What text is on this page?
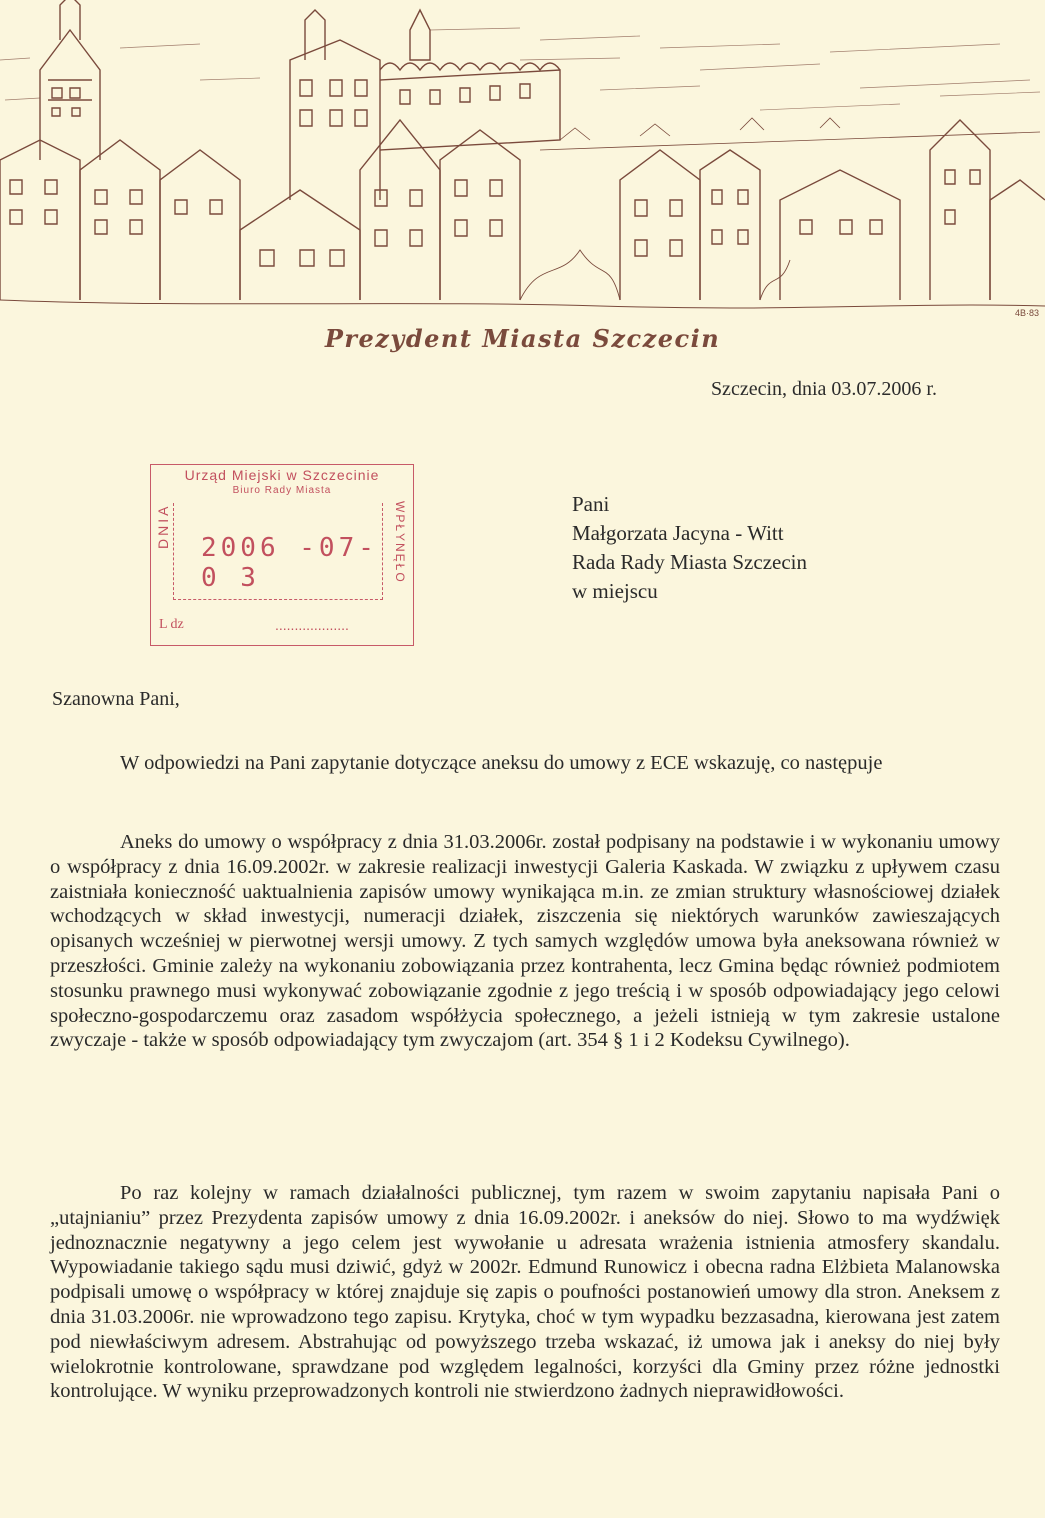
4B·83
Prezydent Miasta Szczecin
Szczecin, dnia 03.07.2006 r.
Urząd Miejski w Szczecinie
Biuro Rady Miasta
DNIA	WPŁYNĘŁO
2006 -07- 0 3
L dz	...................
Pani
Małgorzata Jacyna - Witt
Rada Rady Miasta Szczecin
w miejscu
Szanowna Pani,
W odpowiedzi na Pani zapytanie dotyczące aneksu do umowy z ECE wskazuję, co następuje
Aneks do umowy o współpracy z dnia 31.03.2006r. został podpisany na podstawie i w wykonaniu umowy o współpracy z dnia 16.09.2002r. w zakresie realizacji inwestycji Galeria Kaskada. W związku z upływem czasu zaistniała konieczność uaktualnienia zapisów umowy wynikająca m.in. ze zmian struktury własnościowej działek wchodzących w skład inwestycji, numeracji działek, ziszczenia się niektórych warunków zawieszających opisanych wcześniej w pierwotnej wersji umowy. Z tych samych względów umowa była aneksowana również w przeszłości. Gminie zależy na wykonaniu zobowiązania przez kontrahenta, lecz Gmina będąc również podmiotem stosunku prawnego musi wykonywać zobowiązanie zgodnie z jego treścią i w sposób odpowiadający jego celowi społeczno-gospodarczemu oraz zasadom współżycia społecznego, a jeżeli istnieją w tym zakresie ustalone zwyczaje - także w sposób odpowiadający tym zwyczajom (art. 354 § 1 i 2 Kodeksu Cywilnego).
Po raz kolejny w ramach działalności publicznej, tym razem w swoim zapytaniu napisała Pani o „utajnianiu” przez Prezydenta zapisów umowy z dnia 16.09.2002r. i aneksów do niej. Słowo to ma wydźwięk jednoznacznie negatywny a jego celem jest wywołanie u adresata wrażenia istnienia atmosfery skandalu. Wypowiadanie takiego sądu musi dziwić, gdyż w 2002r. Edmund Runowicz i obecna radna Elżbieta Malanowska podpisali umowę o współpracy w której znajduje się zapis o poufności postanowień umowy dla stron. Aneksem z dnia 31.03.2006r. nie wprowadzono tego zapisu. Krytyka, choć w tym wypadku bezzasadna, kierowana jest zatem pod niewłaściwym adresem. Abstrahując od powyższego trzeba wskazać, iż umowa jak i aneksy do niej były wielokrotnie kontrolowane, sprawdzane pod względem legalności, korzyści dla Gminy przez różne jednostki kontrolujące. W wyniku przeprowadzonych kontroli nie stwierdzono żadnych nieprawidłowości.
